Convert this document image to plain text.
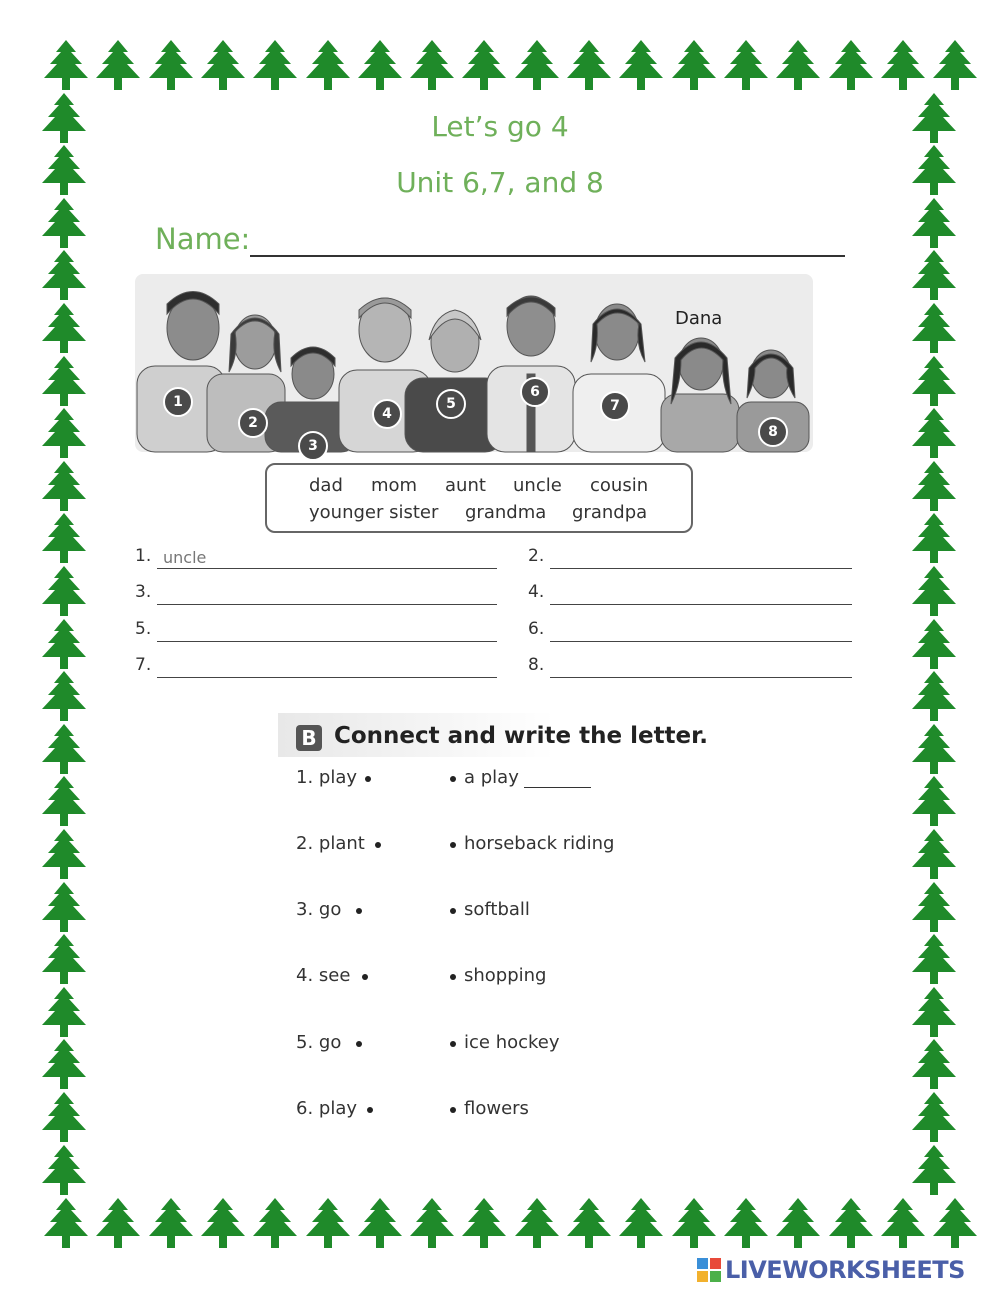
Let’s go 4
Unit 6,7, and 8
Name:
Dana
1
2
3
4
5
6
7
8
dad mom aunt uncle cousin
younger sister grandma grandpa
1. uncle	2.
3.	4.
5.	6.
7.	8.
B Connect and write the letter.
1. play	a play
2. plant	horseback riding
3. go	softball
4. see	shopping
5. go	ice hockey
6. play	flowers
LIVEWORKSHEETS
